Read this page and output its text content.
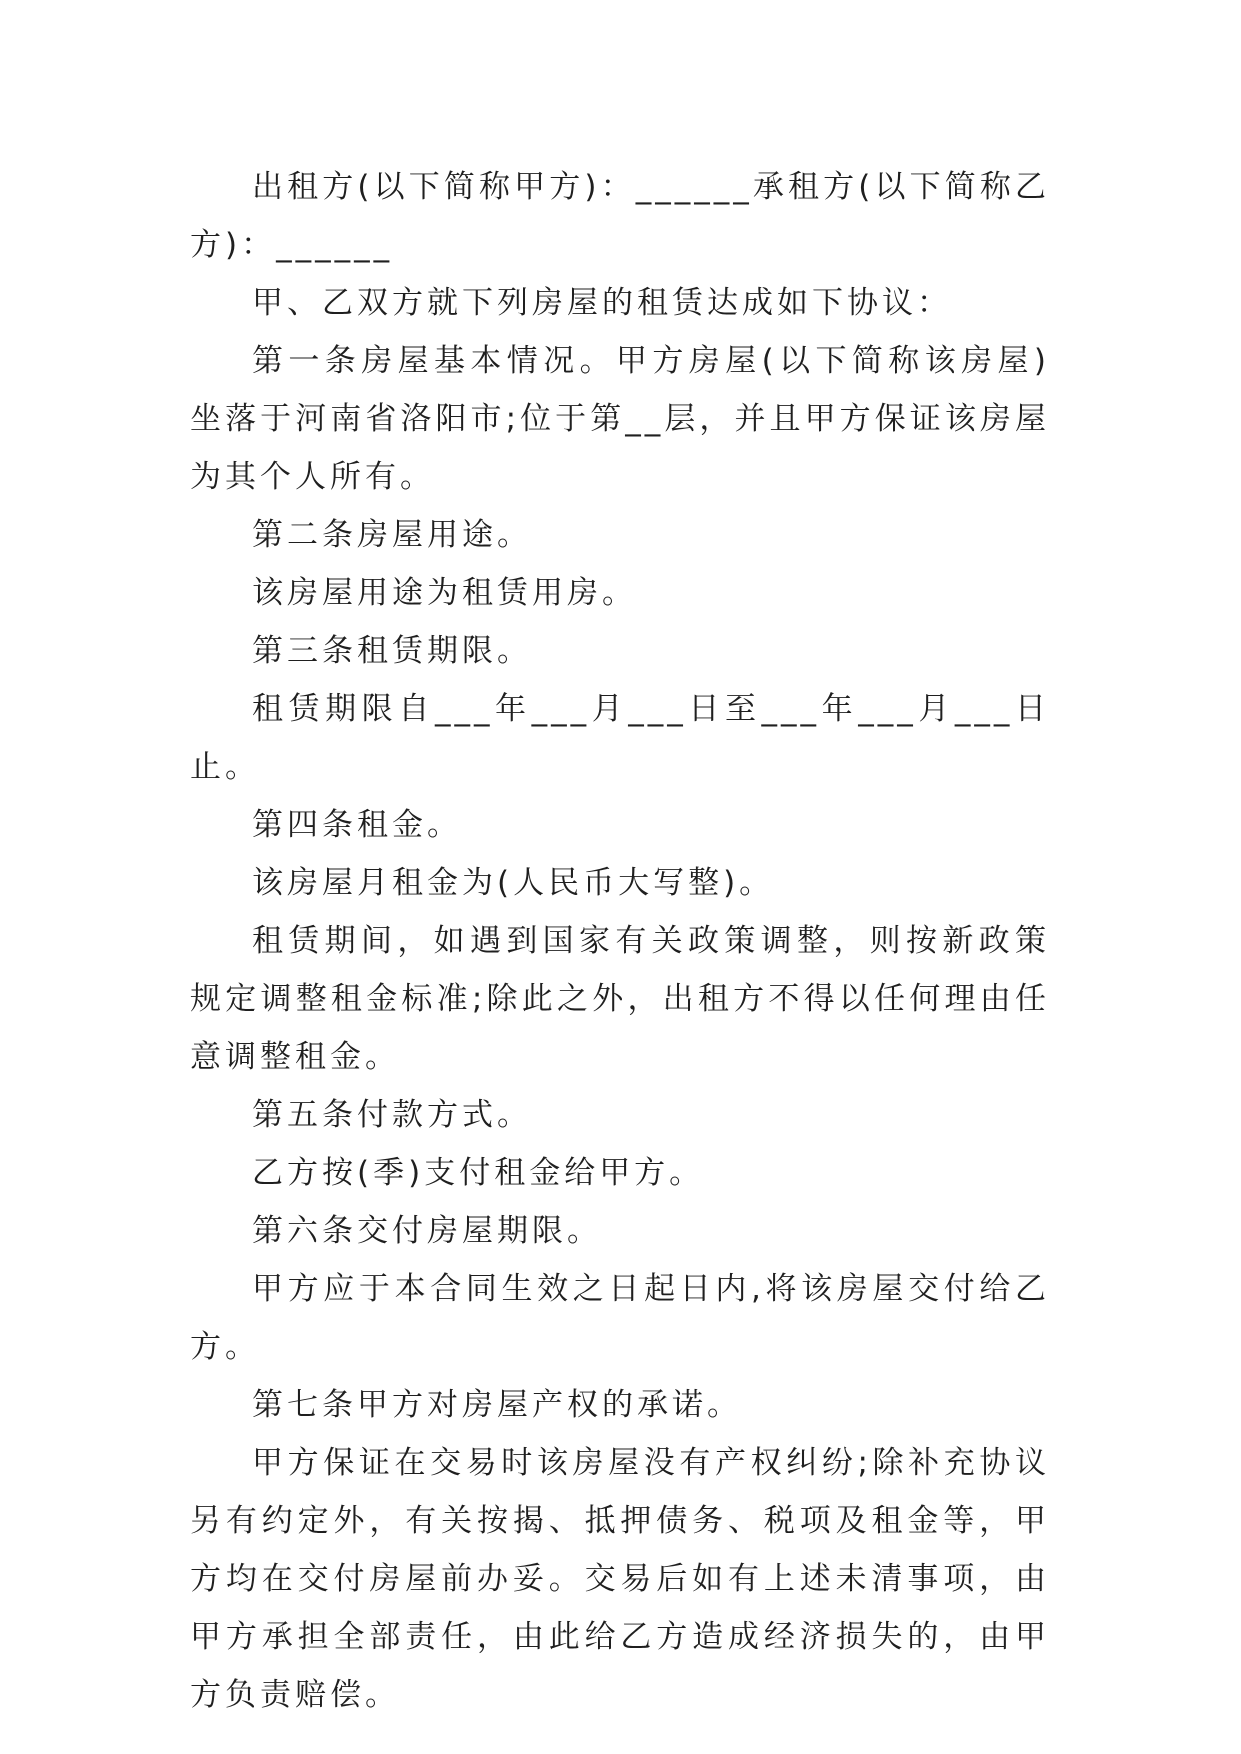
出租方(以下简称甲方)：______承租方(以下简称乙方)：______

甲、乙双方就下列房屋的租赁达成如下协议：

第一条房屋基本情况。甲方房屋(以下简称该房屋)坐落于河南省洛阳市;位于第__层，并且甲方保证该房屋为其个人所有。

第二条房屋用途。

该房屋用途为租赁用房。

第三条租赁期限。

租赁期限自___年___月___日至___年___月___日止。

第四条租金。

该房屋月租金为(人民币大写整)。

租赁期间，如遇到国家有关政策调整，则按新政策规定调整租金标准;除此之外，出租方不得以任何理由任意调整租金。

第五条付款方式。

乙方按(季)支付租金给甲方。

第六条交付房屋期限。

甲方应于本合同生效之日起日内,将该房屋交付给乙方。

第七条甲方对房屋产权的承诺。

甲方保证在交易时该房屋没有产权纠纷;除补充协议另有约定外，有关按揭、抵押债务、税项及租金等，甲方均在交付房屋前办妥。交易后如有上述未清事项，由甲方承担全部责任，由此给乙方造成经济损失的，由甲方负责赔偿。
